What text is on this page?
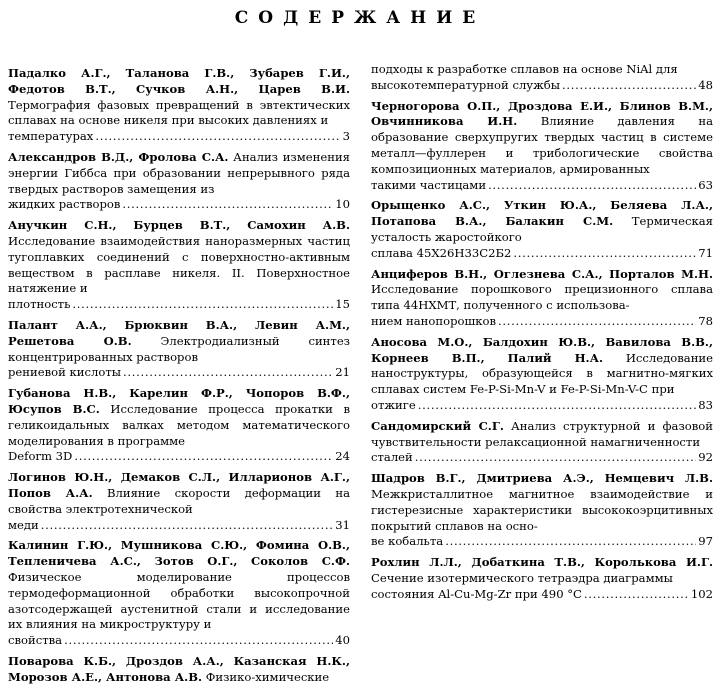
СОДЕРЖАНИЕ
Падалко А.Г., Таланова Г.В., Зубарев Г.И., Федотов В.Т., Сучков А.Н., Царев В.И. Термография фазовых превращений в эвтектических сплавах на основе никеля при высоких давлениях и
температурах . . .	3
Александров В.Д., Фролова С.А. Анализ изменения энергии Гиббса при образовании непрерывного ряда твердых растворов замещения из
жидких растворов . . .	10
Анучкин С.Н., Бурцев В.Т., Самохин А.В. Исследование взаимодействия наноразмерных частиц тугоплавких соединений с поверхностно-активным веществом в расплаве никеля. II. Поверхностное натяжение и
плотность . . .	15
Палант А.А., Брюквин В.А., Левин А.М., Решетова О.В. Электродиализный синтез концентрированных растворов
рениевой кислоты . . .	21
Губанова Н.В., Карелин Ф.Р., Чопоров В.Ф., Юсупов В.С. Исследование процесса прокатки в геликоидальных валках методом математического моделирования в программе
Deform 3D . . .	24
Логинов Ю.Н., Демаков С.Л., Илларионов А.Г., Попов А.А. Влияние скорости деформации на свойства электротехнической
меди . . .	31
Калинин Г.Ю., Мушникова С.Ю., Фомина О.В., Тепленичева А.С., Зотов О.Г., Соколов С.Ф. Физическое моделирование процессов термодеформационной обработки высокопрочной азотсодержащей аустенитной стали и исследование их влияния на микроструктуру и
свойства . . .	40
Поварова К.Б., Дроздов А.А., Казанская Н.К., Морозов А.Е., Антонова А.В. Физико-химические
подходы к разработке сплавов на основе NiAl для
высокотемпературной службы . . .	48
Черногорова О.П., Дроздова Е.И., Блинов В.М., Овчинникова И.Н. Влияние давления на образование сверхупругих твердых частиц в системе металл—фуллерен и трибологические свойства композиционных материалов, армированных
такими частицами . . .	63
Орыщенко А.С., Уткин Ю.А., Беляева Л.А., Потапова В.А., Балакин С.М. Термическая усталость жаростойкого
сплава 45Х26Н33С2Б2 . . .	71
Анциферов В.Н., Оглезнева С.А., Порталов М.Н. Исследование порошкового прецизионного сплава типа 44НХМТ, полученного с использова-
нием нанопорошков . . .	78
Аносова М.О., Балдохин Ю.В., Вавилова В.В., Корнеев В.П., Палий Н.А. Исследование наноструктуры, образующейся в магнитно-мягких сплавах систем Fe-P-Si-Mn-V и Fe-P-Si-Mn-V-C при
отжиге . . .	83
Сандомирский С.Г. Анализ структурной и фазовой чувствительности релаксационной намагниченности
сталей . . .	92
Шадров В.Г., Дмитриева А.Э., Немцевич Л.В. Межкристаллитное магнитное взаимодействие и гистерезисные характеристики высококоэрцитивных покрытий сплавов на осно-
ве кобальта . . .	97
Рохлин Л.Л., Добаткина Т.В., Королькова И.Г. Сечение изотермического тетраэдра диаграммы
состояния Al-Cu-Mg-Zr при 490 °С . . .	102
